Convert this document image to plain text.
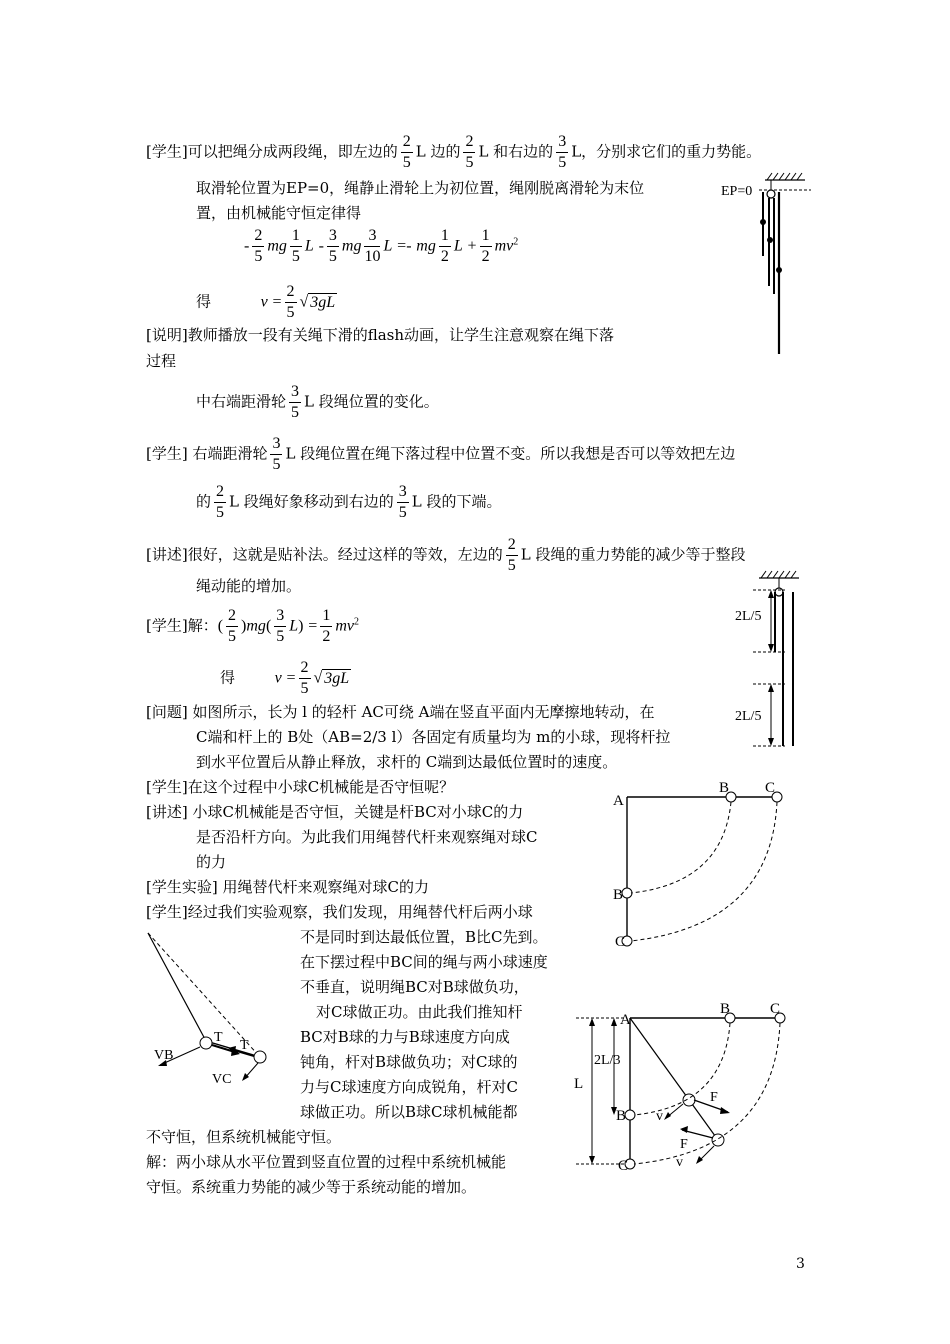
[学生]可以把绳分成两段绳，即左边的 $\frac{2}{5}$ L 边的 $\frac{2}{5}$ L 和右边的 $\frac{3}{5}$ L，分别求它们的重力势能。
取滑轮位置为EP=0，绳静止滑轮上为初位置，绳刚脱离滑轮为末位
置，由机械能守恒定律得
- $\frac{2}{5}$ mg $\frac{1}{5}$ L - $\frac{3}{5}$ mg $\frac{3}{10}$ L =- mg $\frac{1}{2}$ $L + \frac{1}{2} mv^2$
得	$v = \frac{2}{5}$ √ 3gL
[说明]教师播放一段有关绳下滑的flash动画，让学生注意观察在绳下落
过程
中右端距滑轮 $\frac{3}{5}$ L 段绳位置的变化。
[学生] 右端距滑轮 $\frac{3}{5}$ L 段绳位置在绳下落过程中位置不变。所以我想是否可以等效把左边
的 $\frac{2}{5}$ L 段绳好象移动到右边的 $\frac{3}{5}$ L 段的下端。
[讲述]很好，这就是贴补法。经过这样的等效，左边的 $\frac{2}{5}$ L 段绳的重力势能的减少等于整段
绳动能的增加。
[学生]解：( $\frac{2}{5} )mg( \frac{3}{5} L) = \frac{1}{2} mv^2$
得 $v = \frac{2}{5}$ √ 3gL
[问题] 如图所示，长为 l 的轻杆 AC可绕 A端在竖直平面内无摩擦地转动，在
C端和杆上的 B处（AB=2/3 l）各固定有质量均为 m的小球，现将杆拉
到水平位置后从静止释放，求杆的 C端到达最低位置时的速度。
[学生]在这个过程中小球C机械能是否守恒呢？
[讲述] 小球C机械能是否守恒，关键是杆BC对小球C的力
是否沿杆方向。为此我们用绳替代杆来观察绳对球C
的力
[学生实验] 用绳替代杆来观察绳对球C的力
[学生]经过我们实验观察，我们发现，用绳替代杆后两小球
不是同时到达最低位置，B比C先到。
在下摆过程中BC间的绳与两小球速度
不垂直，说明绳BC对B球做负功，
对C球做正功。由此我们推知杆
BC对B球的力与B球速度方向成
钝角，杆对B球做负功；对C球的
力与C球速度方向成锐角，杆对C
球做正功。所以B球C球机械能都
不守恒，但系统机械能守恒。
解：两小球从水平位置到竖直位置的过程中系统机械能
守恒。系统重力势能的减少等于系统动能的增加。
EP=0
2L/5
2L/5
A
B C
B
C
T
T
VB
VC
A
B	C
B
C
2L/3
L
F
F
v
v
3
